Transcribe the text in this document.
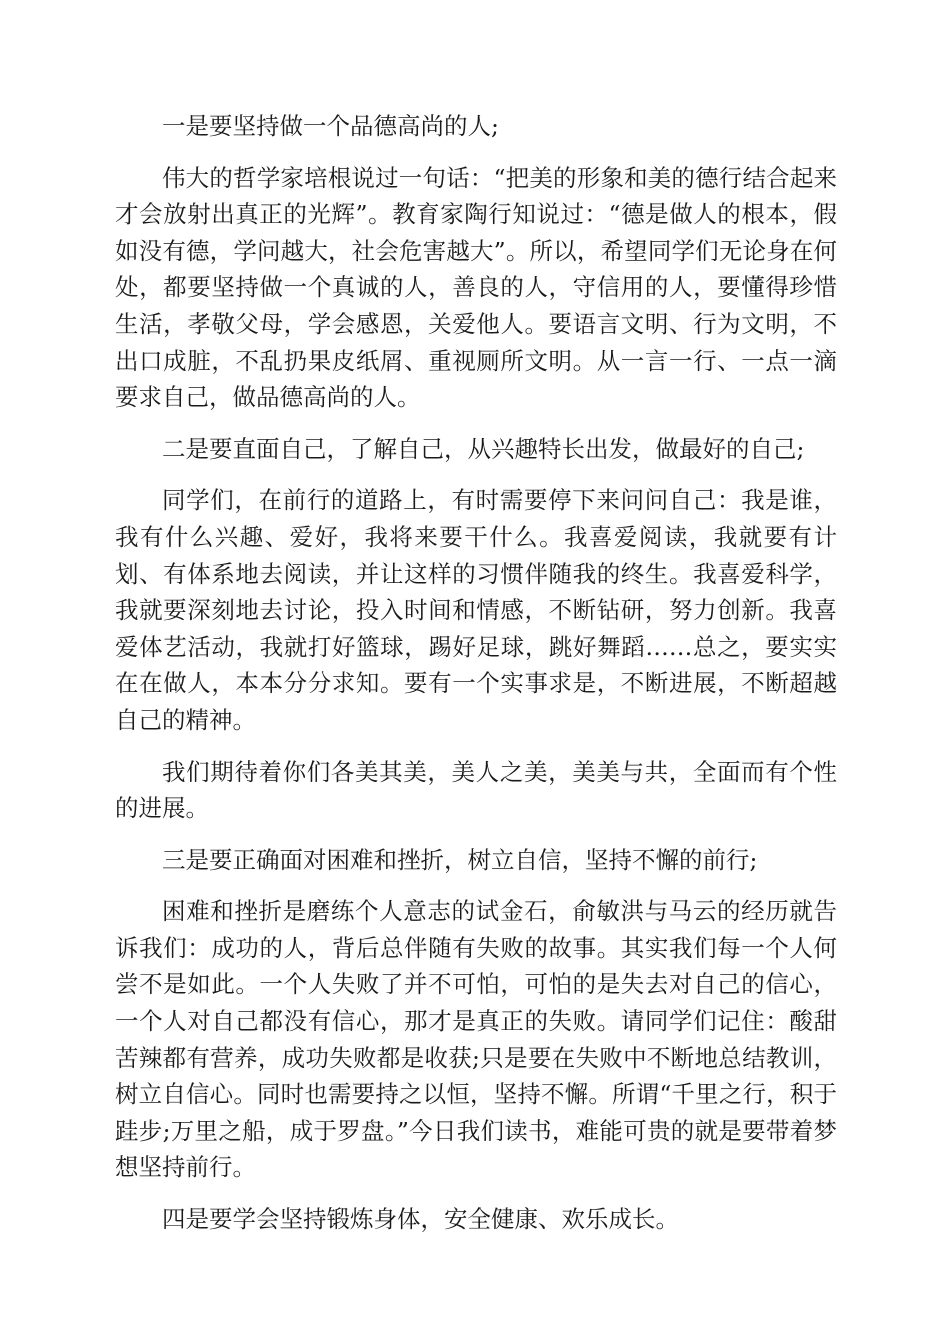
一是要坚持做一个品德高尚的人;

伟大的哲学家培根说过一句话：“把美的形象和美的德行结合起来才会放射出真正的光辉”。教育家陶行知说过：“德是做人的根本，假如没有德，学问越大，社会危害越大”。所以，希望同学们无论身在何处，都要坚持做一个真诚的人，善良的人，守信用的人，要懂得珍惜生活，孝敬父母，学会感恩，关爱他人。要语言文明、行为文明，不出口成脏，不乱扔果皮纸屑、重视厕所文明。从一言一行、一点一滴要求自己，做品德高尚的人。

二是要直面自己，了解自己，从兴趣特长出发，做最好的自己;

同学们，在前行的道路上，有时需要停下来问问自己：我是谁，我有什么兴趣、爱好，我将来要干什么。我喜爱阅读，我就要有计划、有体系地去阅读，并让这样的习惯伴随我的终生。我喜爱科学，我就要深刻地去讨论，投入时间和情感，不断钻研，努力创新。我喜爱体艺活动，我就打好篮球，踢好足球，跳好舞蹈……总之，要实实在在做人，本本分分求知。要有一个实事求是，不断进展，不断超越自己的精神。

我们期待着你们各美其美，美人之美，美美与共，全面而有个性的进展。

三是要正确面对困难和挫折，树立自信，坚持不懈的前行;

困难和挫折是磨练个人意志的试金石，俞敏洪与马云的经历就告诉我们：成功的人，背后总伴随有失败的故事。其实我们每一个人何尝不是如此。一个人失败了并不可怕，可怕的是失去对自己的信心，一个人对自己都没有信心，那才是真正的失败。请同学们记住：酸甜苦辣都有营养，成功失败都是收获;只是要在失败中不断地总结教训，树立自信心。同时也需要持之以恒，坚持不懈。所谓“千里之行，积于跬步;万里之船，成于罗盘。”今日我们读书，难能可贵的就是要带着梦想坚持前行。

四是要学会坚持锻炼身体，安全健康、欢乐成长。
